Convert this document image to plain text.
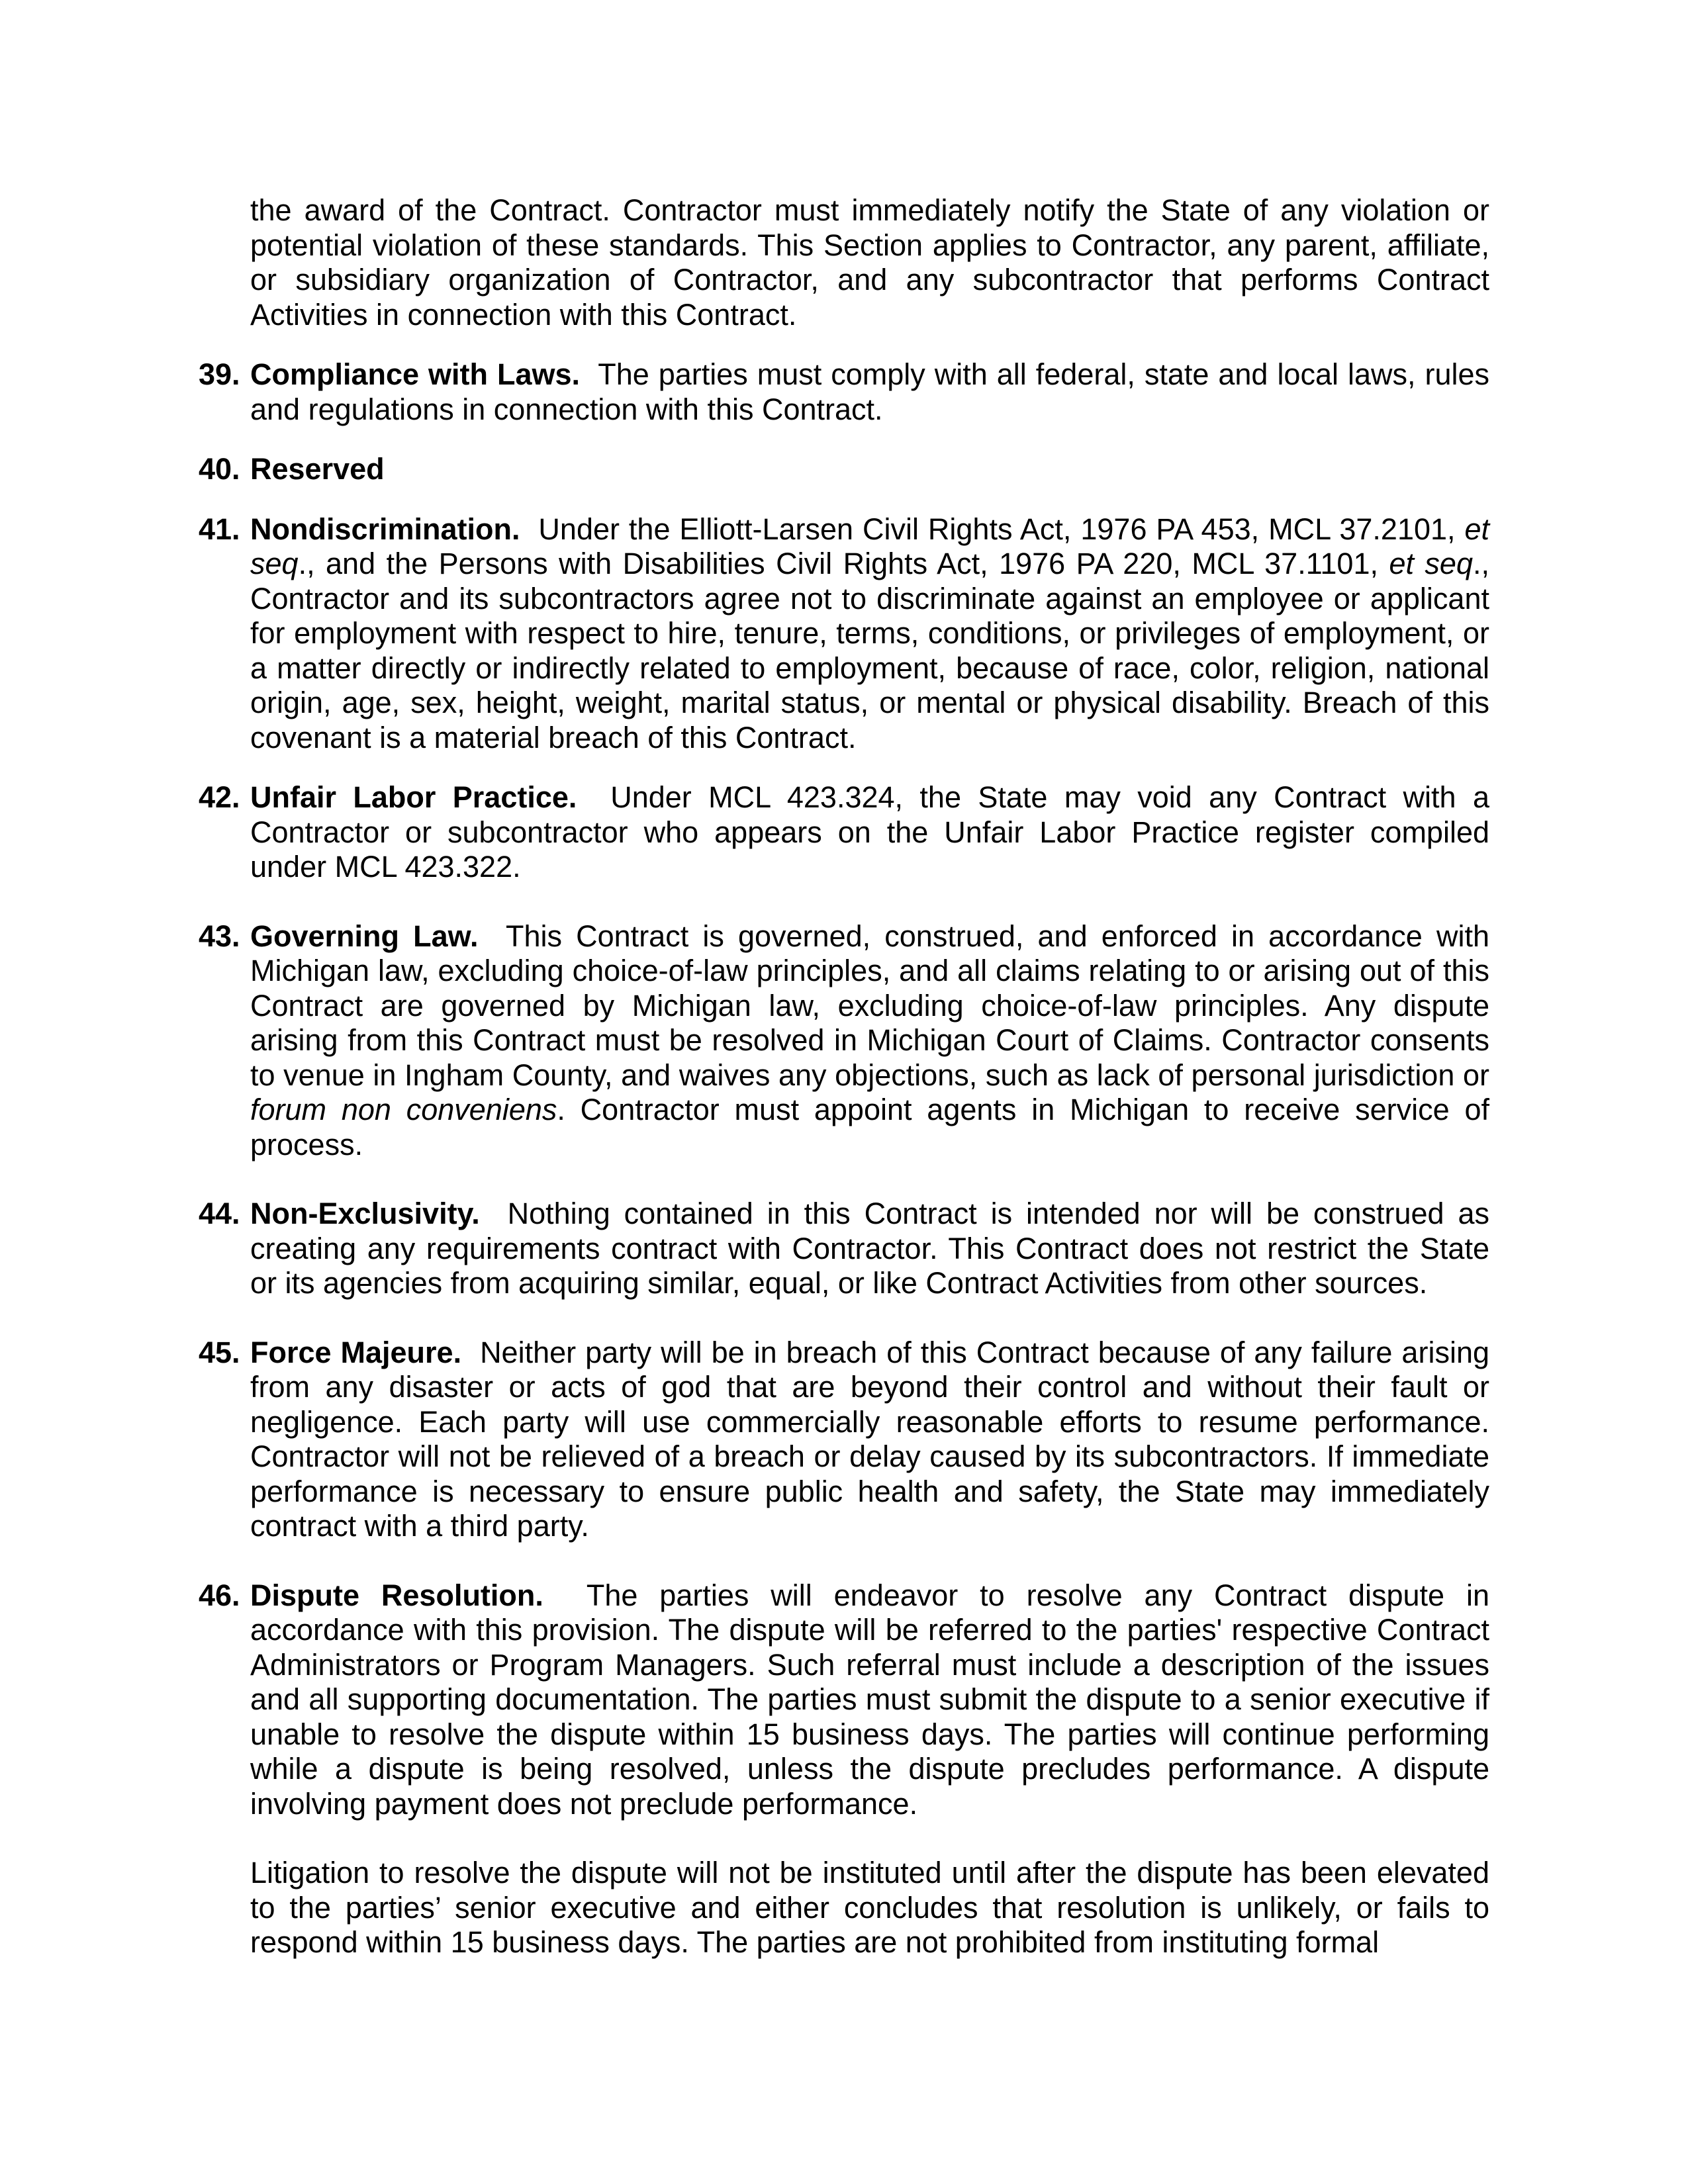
the award of the Contract. Contractor must immediately notify the State of any violation or potential violation of these standards. This Section applies to Contractor, any parent, affiliate, or subsidiary organization of Contractor, and any subcontractor that performs Contract Activities in connection with this Contract.

39. Compliance with Laws. The parties must comply with all federal, state and local laws, rules and regulations in connection with this Contract.

40. Reserved

41. Nondiscrimination. Under the Elliott-Larsen Civil Rights Act, 1976 PA 453, MCL 37.2101, et seq., and the Persons with Disabilities Civil Rights Act, 1976 PA 220, MCL 37.1101, et seq., Contractor and its subcontractors agree not to discriminate against an employee or applicant for employment with respect to hire, tenure, terms, conditions, or privileges of employment, or a matter directly or indirectly related to employment, because of race, color, religion, national origin, age, sex, height, weight, marital status, or mental or physical disability. Breach of this covenant is a material breach of this Contract.

42. Unfair Labor Practice. Under MCL 423.324, the State may void any Contract with a Contractor or subcontractor who appears on the Unfair Labor Practice register compiled under MCL 423.322.

43. Governing Law. This Contract is governed, construed, and enforced in accordance with Michigan law, excluding choice-of-law principles, and all claims relating to or arising out of this Contract are governed by Michigan law, excluding choice-of-law principles. Any dispute arising from this Contract must be resolved in Michigan Court of Claims. Contractor consents to venue in Ingham County, and waives any objections, such as lack of personal jurisdiction or forum non conveniens. Contractor must appoint agents in Michigan to receive service of process.

44. Non-Exclusivity. Nothing contained in this Contract is intended nor will be construed as creating any requirements contract with Contractor. This Contract does not restrict the State or its agencies from acquiring similar, equal, or like Contract Activities from other sources.

45. Force Majeure. Neither party will be in breach of this Contract because of any failure arising from any disaster or acts of god that are beyond their control and without their fault or negligence. Each party will use commercially reasonable efforts to resume performance. Contractor will not be relieved of a breach or delay caused by its subcontractors. If immediate performance is necessary to ensure public health and safety, the State may immediately contract with a third party.

46. Dispute Resolution. The parties will endeavor to resolve any Contract dispute in accordance with this provision. The dispute will be referred to the parties' respective Contract Administrators or Program Managers. Such referral must include a description of the issues and all supporting documentation. The parties must submit the dispute to a senior executive if unable to resolve the dispute within 15 business days. The parties will continue performing while a dispute is being resolved, unless the dispute precludes performance. A dispute involving payment does not preclude performance.

Litigation to resolve the dispute will not be instituted until after the dispute has been elevated to the parties’ senior executive and either concludes that resolution is unlikely, or fails to respond within 15 business days. The parties are not prohibited from instituting formal
